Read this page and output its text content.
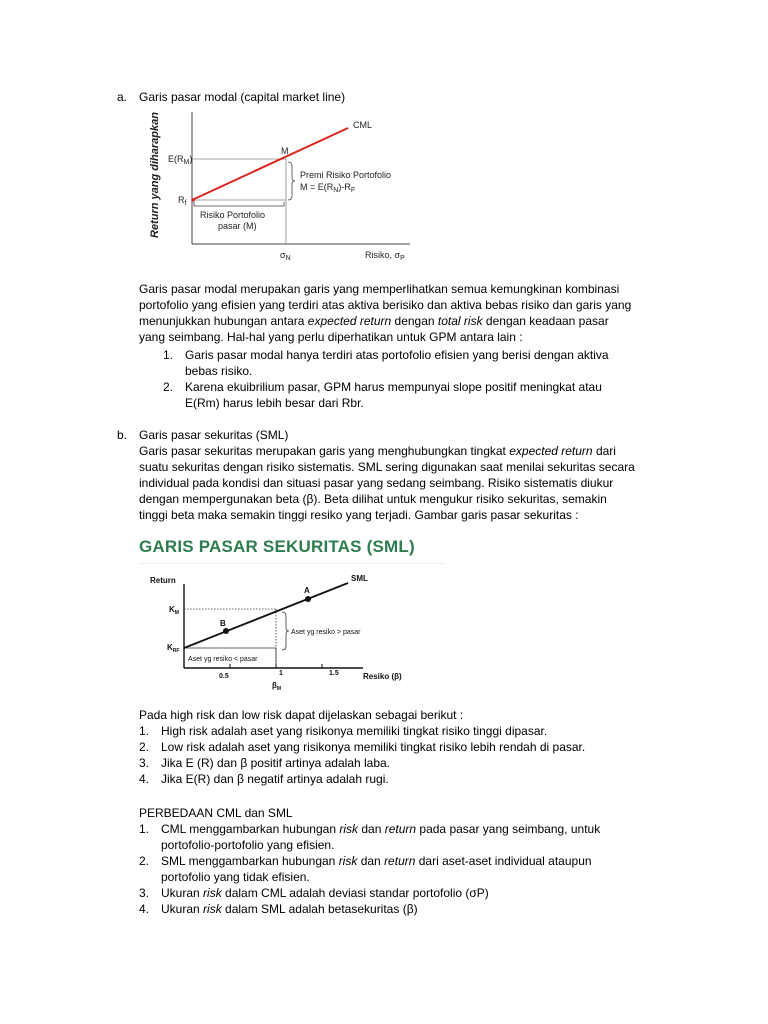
a. Garis pasar modal (capital market line)
Return yang diharapkan	CML
M
$E(R_M)$
$R_f$
Premi Risiko Portofolio
$M = E(R_N)-R_F$
Risiko Portofolio
pasar (M)
$\sigma_N$	Risiko, $\sigma_P$
Garis pasar modal merupakan garis yang memperlihatkan semua kemungkinan kombinasi
portofolio yang efisien yang terdiri atas aktiva berisiko dan aktiva bebas risiko dan garis yang
menunjukkan hubungan antara expected return dengan total risk dengan keadaan pasar
yang seimbang. Hal-hal yang perlu diperhatikan untuk GPM antara lain :
1. Garis pasar modal hanya terdiri atas portofolio efisien yang berisi dengan aktiva
bebas risiko.
2. Karena ekuibrilium pasar, GPM harus mempunyai slope positif meningkat atau
E(Rm) harus lebih besar dari Rbr.
b. Garis pasar sekuritas (SML)
Garis pasar sekuritas merupakan garis yang menghubungkan tingkat expected return dari
suatu sekuritas dengan risiko sistematis. SML sering digunakan saat menilai sekuritas secara
individual pada kondisi dan situasi pasar yang sedang seimbang. Risiko sistematis diukur
dengan mempergunakan beta (β). Beta dilihat untuk mengukur risiko sekuritas, semakin
tinggi beta maka semakin tinggi resiko yang terjadi. Gambar garis pasar sekuritas :
GARIS PASAR SEKURITAS (SML)
Return	SML
A
B
$K_M$
$K_{RF}$
Aset yg resiko > pasar
Aset yg resiko < pasar
0.5	1	1.5
$\beta_M$
Resiko (β)
Pada high risk dan low risk dapat dijelaskan sebagai berikut :
1. High risk adalah aset yang risikonya memiliki tingkat risiko tinggi dipasar.
2. Low risk adalah aset yang risikonya memiliki tingkat risiko lebih rendah di pasar.
3. Jika E (R) dan β positif artinya adalah laba.
4. Jika E(R) dan β negatif artinya adalah rugi.
PERBEDAAN CML dan SML
1. CML menggambarkan hubungan risk dan return pada pasar yang seimbang, untuk
portofolio-portofolio yang efisien.
2. SML menggambarkan hubungan risk dan return dari aset-aset individual ataupun
portofolio yang tidak efisien.
3. Ukuran risk dalam CML adalah deviasi standar portofolio (σP)
4. Ukuran risk dalam SML adalah betasekuritas (β)
